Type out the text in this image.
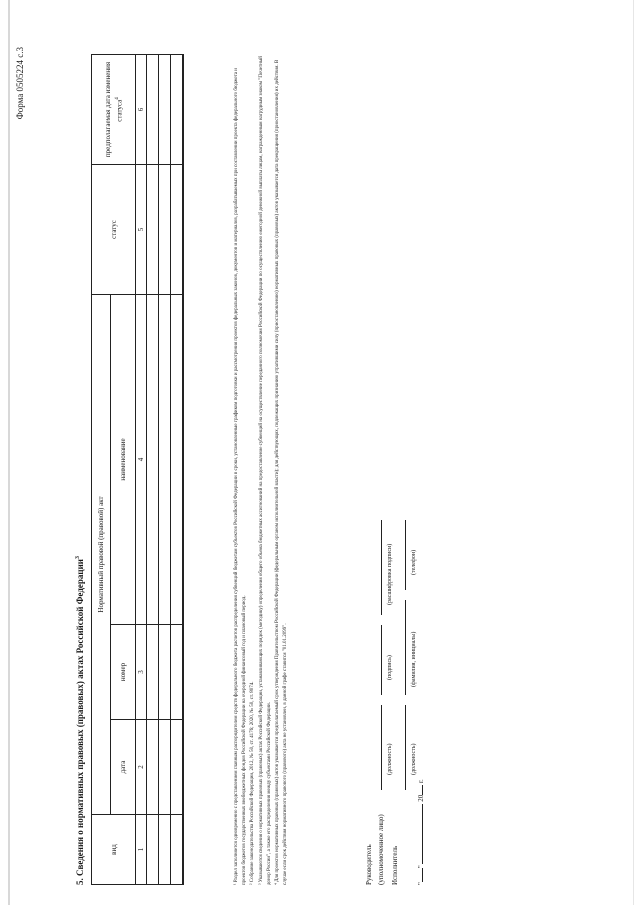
Форма 0505224 с.3
5. Сведения о нормативных правовых (правовых) актах Российской Федерации$^3$
вид	Нормативный правовой (правовой) акт			статус	предполагаемая дата изменения статуса$^4$
	дата	номер	наименование		
1	2	3	4	5	6

						¹ Раздел заполняется одновременно с представлением главным распорядителем средств федерального бюджета расчетов распределения субвенций бюджетам субъектов Российской Федерации в сроки, установленные графиком подготовки и рассмотрения проектов федеральных законов, документов и материалов, разрабатываемых при составлении проекта федерального бюджета и проектов бюджетов государственных внебюджетных фондов Российской Федерации на очередной финансовый год и плановый период. ² Собрание законодательства Российской Федерации, 2012, № 50, ст. 4176; 2020, № 50, ст. 8074. ³ Указываются сведения о нормативных правовых (правовых) актах Российской Федерации, устанавливающих порядок (методику) определения общего объема бюджетных ассигнований на предоставление субвенций на осуществление переданного полномочия Российской Федерации по осуществлению ежегодной денежной выплаты лицам, награжденным нагрудным знаком "Почетный донор России", а также его распределения между субъектами Российской Федерации. ⁴ Для проектов нормативных правовых (правовых) актов указывается предполагаемый срок утверждения Правительством Российской Федерации (федеральным органом исполнительной власти); для действующих, подлежащих признанию утратившими силу (приостановлению) нормативных правовых (правовых) актов указывается дата прекращения (приостановления) их действия. В случае если срок действия нормативного правового (правового) акта не установлен, в данной графе ставится "01.01.2099".	Руководитель (уполномоченное лицо)
(должность)
(подпись)
(расшифровка подписи)
Исполнитель
(должность)
(фамилия, инициалы)
(телефон)
""  20 г.
